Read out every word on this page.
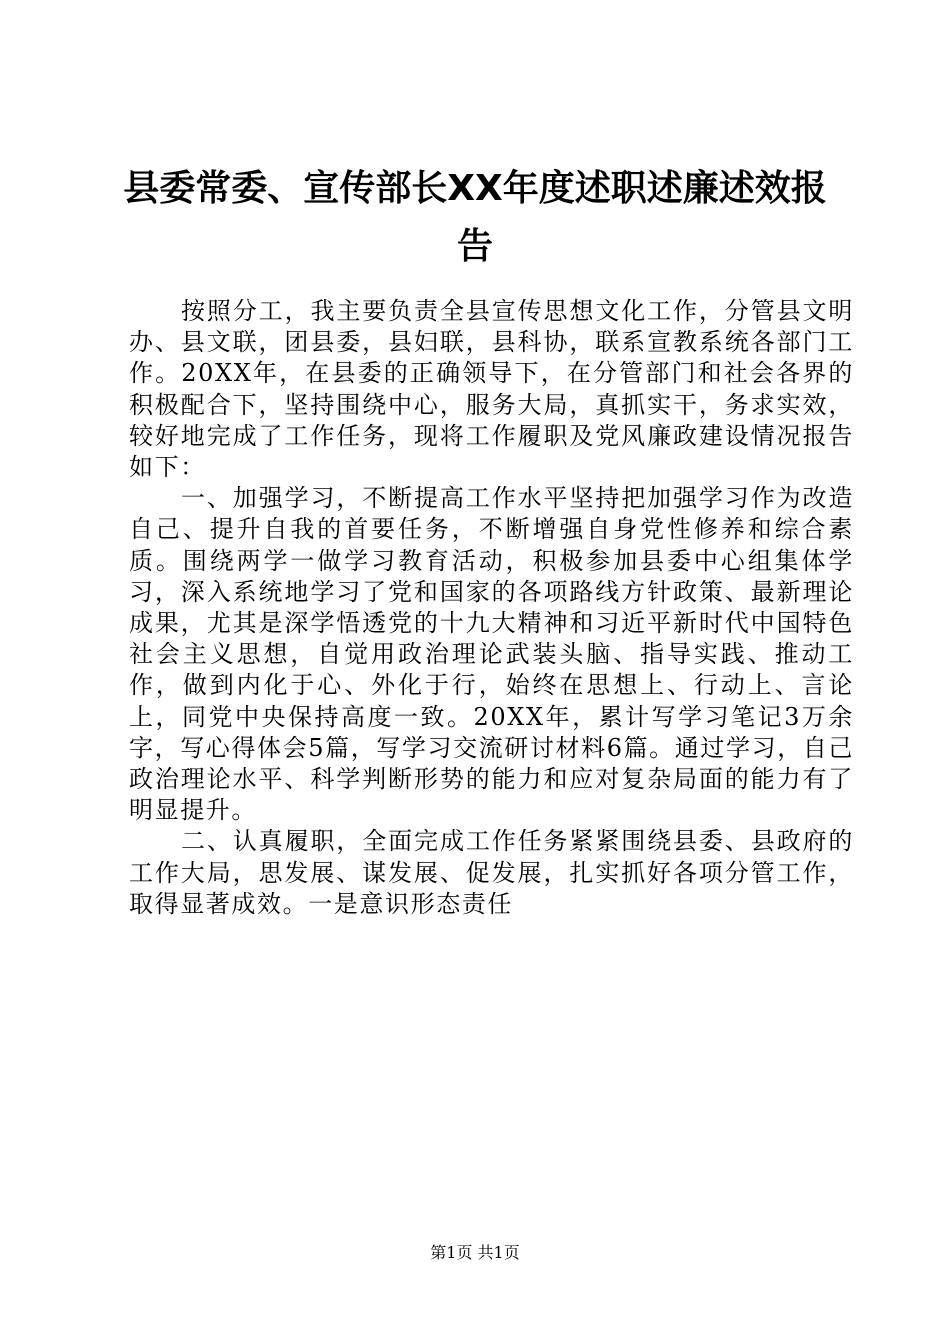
县委常委、宣传部长XX年度述职述廉述效报告

按照分工，我主要负责全县宣传思想文化工作，分管县文明办、县文联，团县委，县妇联，县科协，联系宣教系统各部门工作。20XX年，在县委的正确领导下，在分管部门和社会各界的积极配合下，坚持围绕中心，服务大局，真抓实干，务求实效，较好地完成了工作任务，现将工作履职及党风廉政建设情况报告如下：

一、加强学习，不断提高工作水平坚持把加强学习作为改造自己、提升自我的首要任务，不断增强自身党性修养和综合素质。围绕两学一做学习教育活动，积极参加县委中心组集体学习，深入系统地学习了党和国家的各项路线方针政策、最新理论成果，尤其是深学悟透党的十九大精神和习近平新时代中国特色社会主义思想，自觉用政治理论武装头脑、指导实践、推动工作，做到内化于心、外化于行，始终在思想上、行动上、言论上，同党中央保持高度一致。20XX年，累计写学习笔记3万余字，写心得体会5篇，写学习交流研讨材料6篇。通过学习，自己政治理论水平、科学判断形势的能力和应对复杂局面的能力有了明显提升。

二、认真履职，全面完成工作任务紧紧围绕县委、县政府的工作大局，思发展、谋发展、促发展，扎实抓好各项分管工作，取得显著成效。一是意识形态责任

第1页 共1页
